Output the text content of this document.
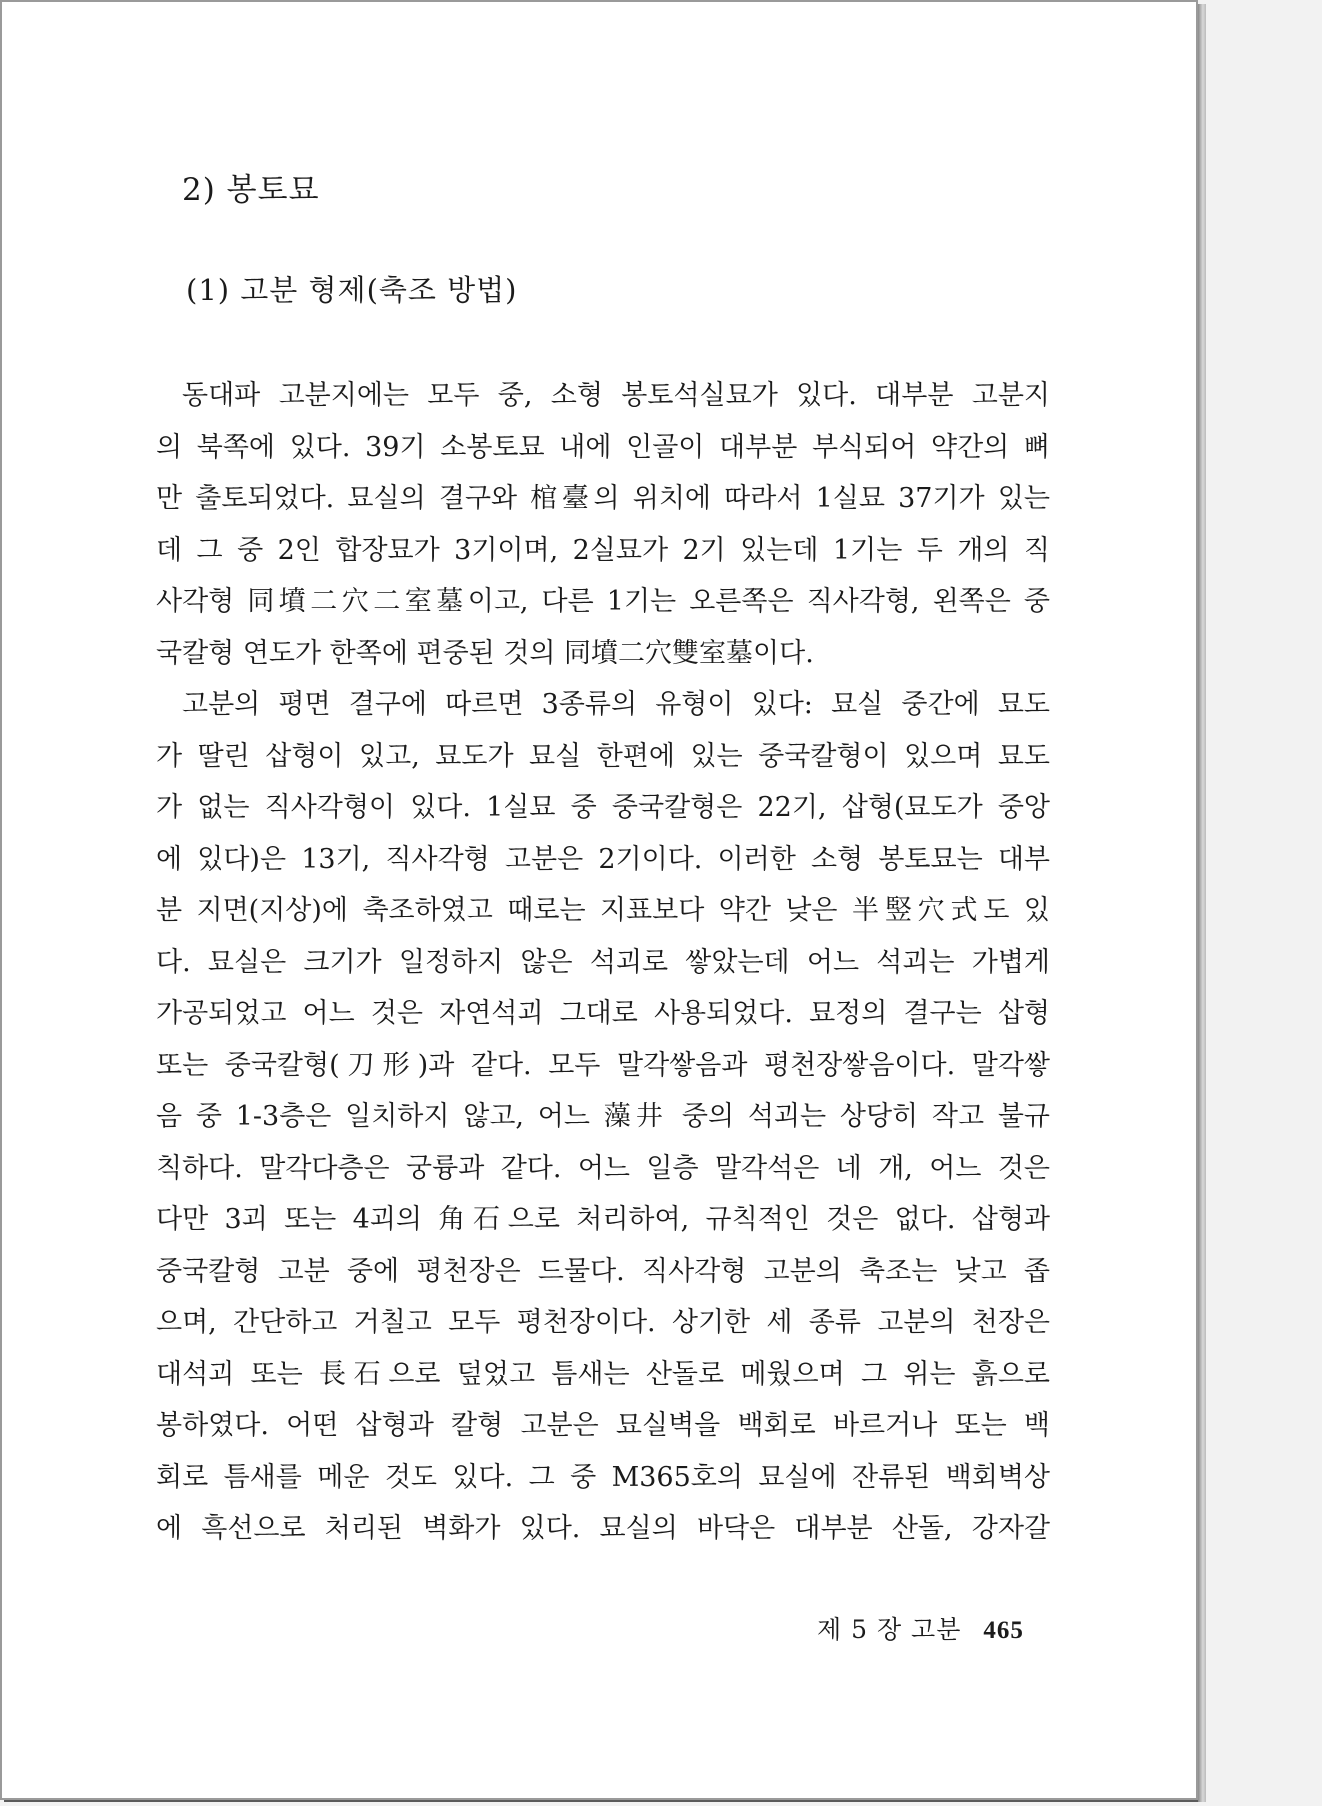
2) 봉토묘
(1) 고분 형제(축조 방법)
동대파 고분지에는 모두 중, 소형 봉토석실묘가 있다. 대부분 고분지
의 북쪽에 있다. 39기 소봉토묘 내에 인골이 대부분 부식되어 약간의 뼈
만 출토되었다. 묘실의 결구와 棺臺의 위치에 따라서 1실묘 37기가 있는
데 그 중 2인 합장묘가 3기이며, 2실묘가 2기 있는데 1기는 두 개의 직
사각형 同墳二穴二室墓이고, 다른 1기는 오른쪽은 직사각형, 왼쪽은 중
국칼형 연도가 한쪽에 편중된 것의 同墳二穴雙室墓이다.
고분의 평면 결구에 따르면 3종류의 유형이 있다: 묘실 중간에 묘도
가 딸린 삽형이 있고, 묘도가 묘실 한편에 있는 중국칼형이 있으며 묘도
가 없는 직사각형이 있다. 1실묘 중 중국칼형은 22기, 삽형(묘도가 중앙
에 있다)은 13기, 직사각형 고분은 2기이다. 이러한 소형 봉토묘는 대부
분 지면(지상)에 축조하였고 때로는 지표보다 약간 낮은 半竪穴式도 있
다. 묘실은 크기가 일정하지 않은 석괴로 쌓았는데 어느 석괴는 가볍게
가공되었고 어느 것은 자연석괴 그대로 사용되었다. 묘정의 결구는 삽형
또는 중국칼형(刀形)과 같다. 모두 말각쌓음과 평천장쌓음이다. 말각쌓
음 중 1-3층은 일치하지 않고, 어느 藻井 중의 석괴는 상당히 작고 불규
칙하다. 말각다층은 궁륭과 같다. 어느 일층 말각석은 네 개, 어느 것은
다만 3괴 또는 4괴의 角石으로 처리하여, 규칙적인 것은 없다. 삽형과
중국칼형 고분 중에 평천장은 드물다. 직사각형 고분의 축조는 낮고 좁
으며, 간단하고 거칠고 모두 평천장이다. 상기한 세 종류 고분의 천장은
대석괴 또는 長石으로 덮었고 틈새는 산돌로 메웠으며 그 위는 흙으로
봉하였다. 어떤 삽형과 칼형 고분은 묘실벽을 백회로 바르거나 또는 백
회로 틈새를 메운 것도 있다. 그 중 M365호의 묘실에 잔류된 백회벽상
에 흑선으로 처리된 벽화가 있다. 묘실의 바닥은 대부분 산돌, 강자갈
제 5 장 고분 465
